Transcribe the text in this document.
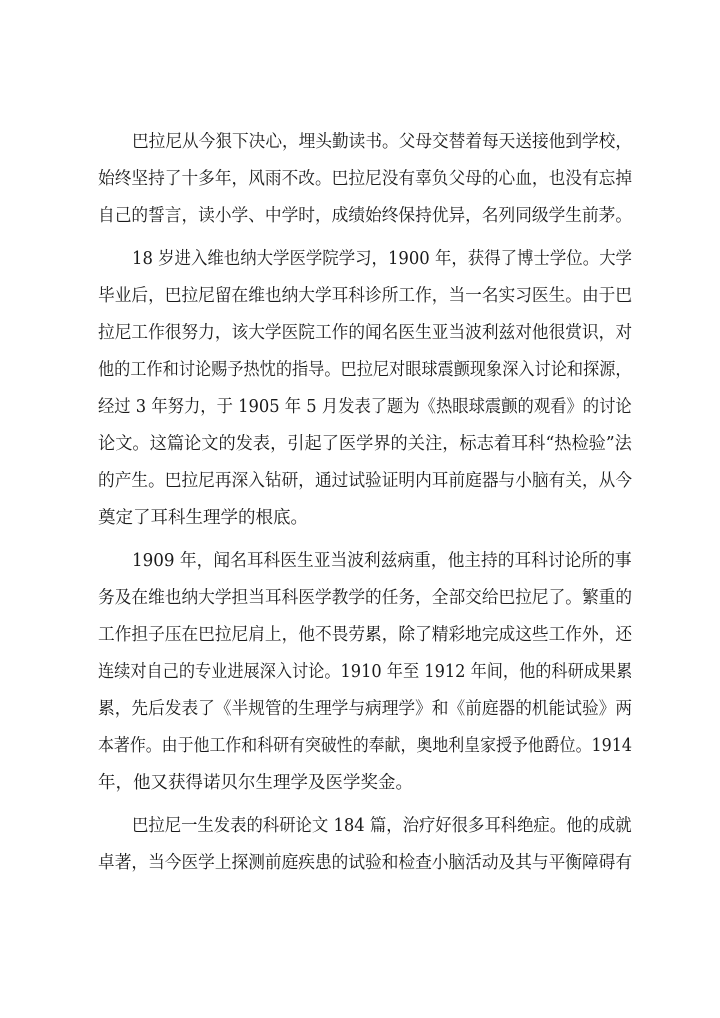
巴拉尼从今狠下决心，埋头勤读书。父母交替着每天送接他到学校，
始终坚持了十多年，风雨不改。巴拉尼没有辜负父母的心血，也没有忘掉
自己的誓言，读小学、中学时，成绩始终保持优异，名列同级学生前茅。
18 岁进入维也纳大学医学院学习，1900 年，获得了博士学位。大学
毕业后，巴拉尼留在维也纳大学耳科诊所工作，当一名实习医生。由于巴
拉尼工作很努力，该大学医院工作的闻名医生亚当波利兹对他很赏识，对
他的工作和讨论赐予热忱的指导。巴拉尼对眼球震颤现象深入讨论和探源，
经过 3 年努力，于 1905 年 5 月发表了题为《热眼球震颤的观看》的讨论
论文。这篇论文的发表，引起了医学界的关注，标志着耳科“热检验”法
的产生。巴拉尼再深入钻研，通过试验证明内耳前庭器与小脑有关，从今
奠定了耳科生理学的根底。
1909 年，闻名耳科医生亚当波利兹病重，他主持的耳科讨论所的事
务及在维也纳大学担当耳科医学教学的任务，全部交给巴拉尼了。繁重的
工作担子压在巴拉尼肩上，他不畏劳累，除了精彩地完成这些工作外，还
连续对自己的专业进展深入讨论。1910 年至 1912 年间，他的科研成果累
累，先后发表了《半规管的生理学与病理学》和《前庭器的机能试验》两
本著作。由于他工作和科研有突破性的奉献，奥地利皇家授予他爵位。1914
年，他又获得诺贝尔生理学及医学奖金。
巴拉尼一生发表的科研论文 184 篇，治疗好很多耳科绝症。他的成就
卓著，当今医学上探测前庭疾患的试验和检查小脑活动及其与平衡障碍有
